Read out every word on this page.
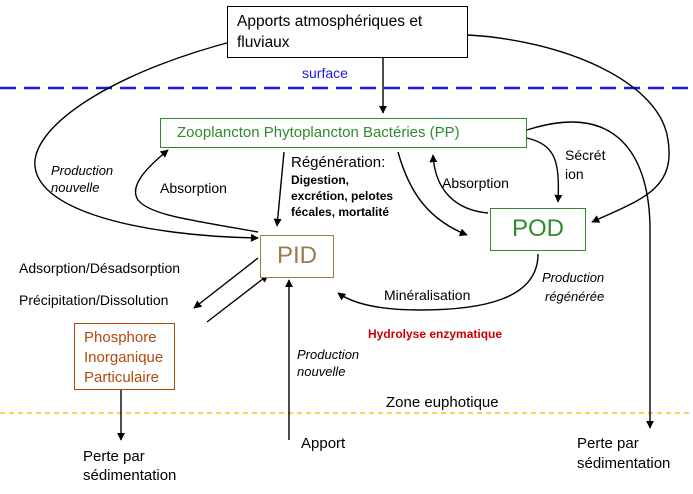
Apports atmosphériques et fluviaux
Zooplancton Phytoplancton Bactéries (PP)
PID
POD
Phosphore
Inorganique
Particulaire
surface
Zone euphotique
Production
nouvelle	Absorption
Régénération:
Digestion,
excrétion, pelotes
fécales, mortalité
Absorption
Sécrét
ion
Adsorption/Désadsorption
Précipitation/Dissolution	Minéralisation
Production
régénérée
Hydrolyse enzymatique
Production
nouvelle
Apport
Perte par
sédimentation
Perte par
sédimentation
